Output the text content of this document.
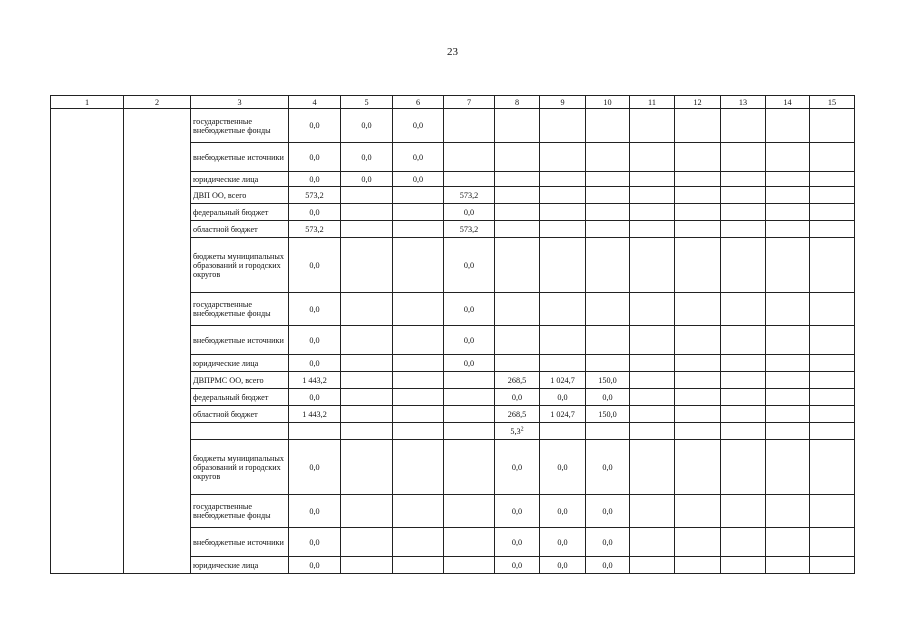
23
1	2	3	4	5	6	7	8	9	10	11	12	13	14	15
		государственные внебюджетные фонды	0,0	0,0	0,0									
		внебюджетные источники	0,0	0,0	0,0									
		юридические лица	0,0	0,0	0,0									
		ДВП ОО, всего	573,2			573,2								
		федеральный бюджет	0,0			0,0								
		областной бюджет	573,2			573,2								
		бюджеты муниципальных образований и городских округов	0,0			0,0								
		государственные внебюджетные фонды	0,0			0,0								
		внебюджетные источники	0,0			0,0								
		юридические лица	0,0			0,0								
		ДВПРМС ОО, всего	1 443,2				268,5	1 024,7	150,0					
		федеральный бюджет	0,0				0,0	0,0	0,0					
		областной бюджет	1 443,2				268,5	1 024,7	150,0					
							$5,3^2$							
		бюджеты муниципальных образований и городских округов	0,0				0,0	0,0	0,0					
		государственные внебюджетные фонды	0,0				0,0	0,0	0,0					
		внебюджетные источники	0,0				0,0	0,0	0,0					
		юридические лица	0,0				0,0	0,0	0,0					
